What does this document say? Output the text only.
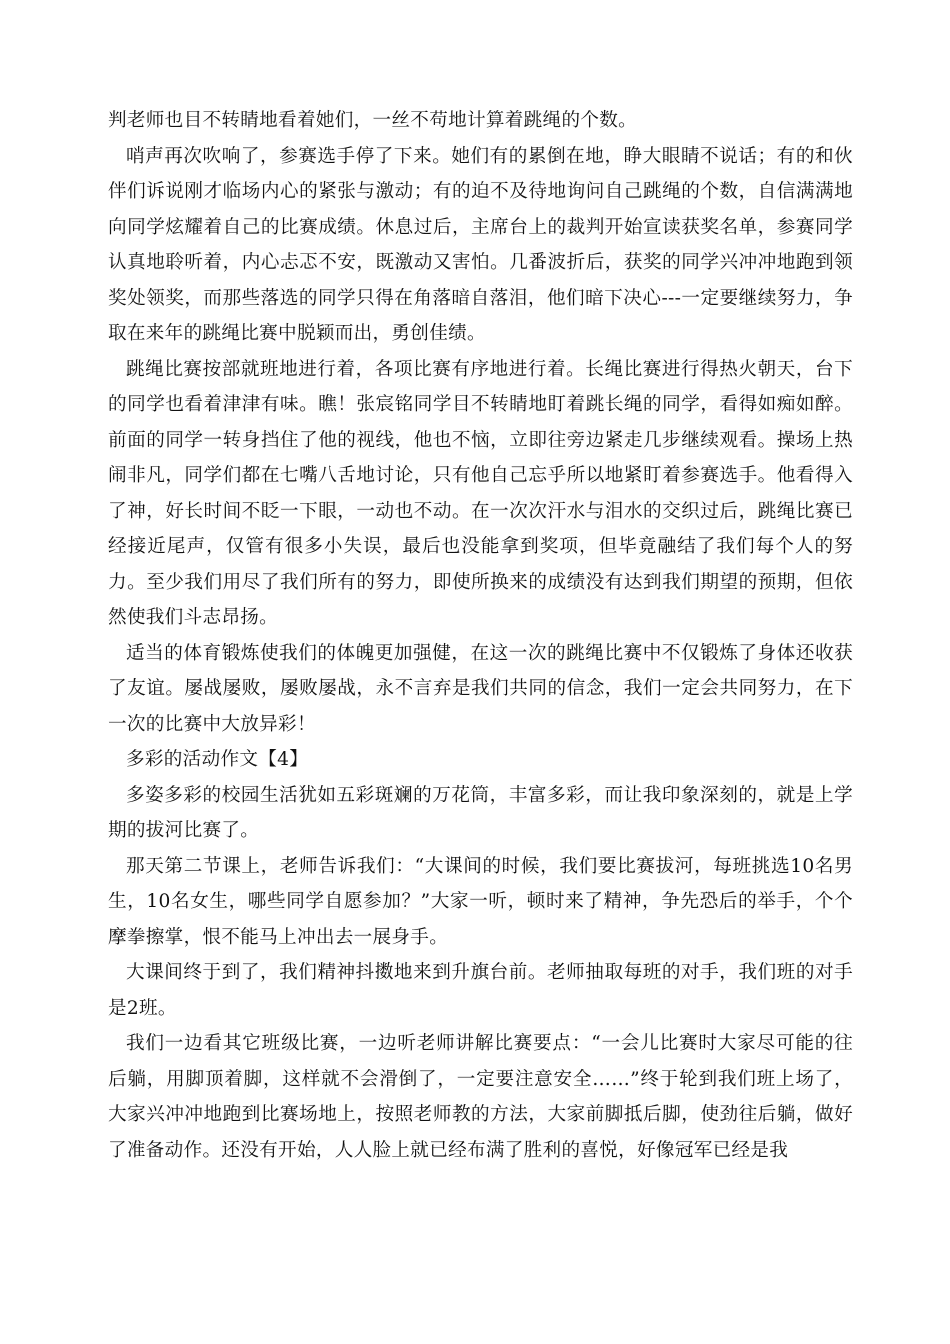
判老师也目不转睛地看着她们，一丝不苟地计算着跳绳的个数。

哨声再次吹响了，参赛选手停了下来。她们有的累倒在地，睁大眼睛不说话；有的和伙伴们诉说刚才临场内心的紧张与激动；有的迫不及待地询问自己跳绳的个数，自信满满地向同学炫耀着自己的比赛成绩。休息过后，主席台上的裁判开始宣读获奖名单，参赛同学认真地聆听着，内心忐忑不安，既激动又害怕。几番波折后，获奖的同学兴冲冲地跑到领奖处领奖，而那些落选的同学只得在角落暗自落泪，他们暗下决心---一定要继续努力，争取在来年的跳绳比赛中脱颖而出，勇创佳绩。

跳绳比赛按部就班地进行着，各项比赛有序地进行着。长绳比赛进行得热火朝天，台下的同学也看着津津有味。瞧！张宸铭同学目不转睛地盯着跳长绳的同学，看得如痴如醉。前面的同学一转身挡住了他的视线，他也不恼，立即往旁边紧走几步继续观看。操场上热闹非凡，同学们都在七嘴八舌地讨论，只有他自己忘乎所以地紧盯着参赛选手。他看得入了神，好长时间不眨一下眼，一动也不动。在一次次汗水与泪水的交织过后，跳绳比赛已经接近尾声，仅管有很多小失误，最后也没能拿到奖项，但毕竟融结了我们每个人的努力。至少我们用尽了我们所有的努力，即使所换来的成绩没有达到我们期望的预期，但依然使我们斗志昂扬。

适当的体育锻炼使我们的体魄更加强健，在这一次的跳绳比赛中不仅锻炼了身体还收获了友谊。屡战屡败，屡败屡战，永不言弃是我们共同的信念，我们一定会共同努力，在下一次的比赛中大放异彩！

多彩的活动作文【4】

多姿多彩的校园生活犹如五彩斑斓的万花筒，丰富多彩，而让我印象深刻的，就是上学期的拔河比赛了。

那天第二节课上，老师告诉我们：“大课间的时候，我们要比赛拔河，每班挑选10名男生，10名女生，哪些同学自愿参加？”大家一听，顿时来了精神，争先恐后的举手，个个摩拳擦掌，恨不能马上冲出去一展身手。

大课间终于到了，我们精神抖擞地来到升旗台前。老师抽取每班的对手，我们班的对手是2班。

我们一边看其它班级比赛，一边听老师讲解比赛要点：“一会儿比赛时大家尽可能的往后躺，用脚顶着脚，这样就不会滑倒了，一定要注意安全……”终于轮到我们班上场了，大家兴冲冲地跑到比赛场地上，按照老师教的方法，大家前脚抵后脚，使劲往后躺，做好了准备动作。还没有开始，人人脸上就已经布满了胜利的喜悦，好像冠军已经是我
